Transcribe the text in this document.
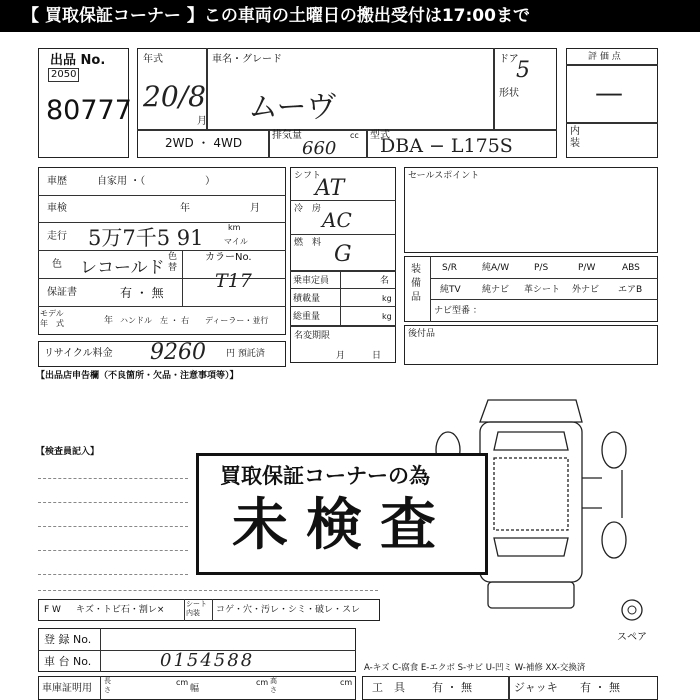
【 買取保証コーナー 】この車両の土曜日の搬出受付は17:00まで
出品 No.
2050
80777
年式
20/8
月
車名・グレード
ムーヴ
ドア
5
形状
2WD ・ 4WD
排気量	cc
660
型式
DBA − L175S
評 価 点
—
内
装
車歴	自家用 ・（　　　　　　）
車検	年	月
走行 5万7千5 91	km
マイル
色 レコールド
色
替
カラーNo.
T17
保証書	有 ・ 無
モデル
年　式	年 ハンドル　左 ・ 右 ディーラー・並行
リサイクル料金 9260 円 預託済
【出品店申告欄（不良箇所・欠品・注意事項等）】
シフト
AT
冷　房 AC
燃　料 G
乗車定員	名
積載量	kg
総重量	kg
名変期限
月　　　日
セールスポイント
装
備
品
S/R	純A/W	P/S	P/W	ABS
純TV 純ナビ 革シート 外ナビ エアB
ナビ型番 ：
後付品
【検査員記入】
スペア
買取保証コーナーの為
未検査
F W キズ・トビ石・割レ×
シート
内装	コゲ・穴・汚レ・シミ・破レ・スレ
登 録 No.
車 台 No.	0154588
車庫証明用
長
さ
cm
幅
cm 高
さ
cm
A-キズ C-腐食 E-エクボ S-サビ U-凹ミ W-補修 XX-交換済
工　具 有 ・ 無	ジャッキ 有 ・ 無
